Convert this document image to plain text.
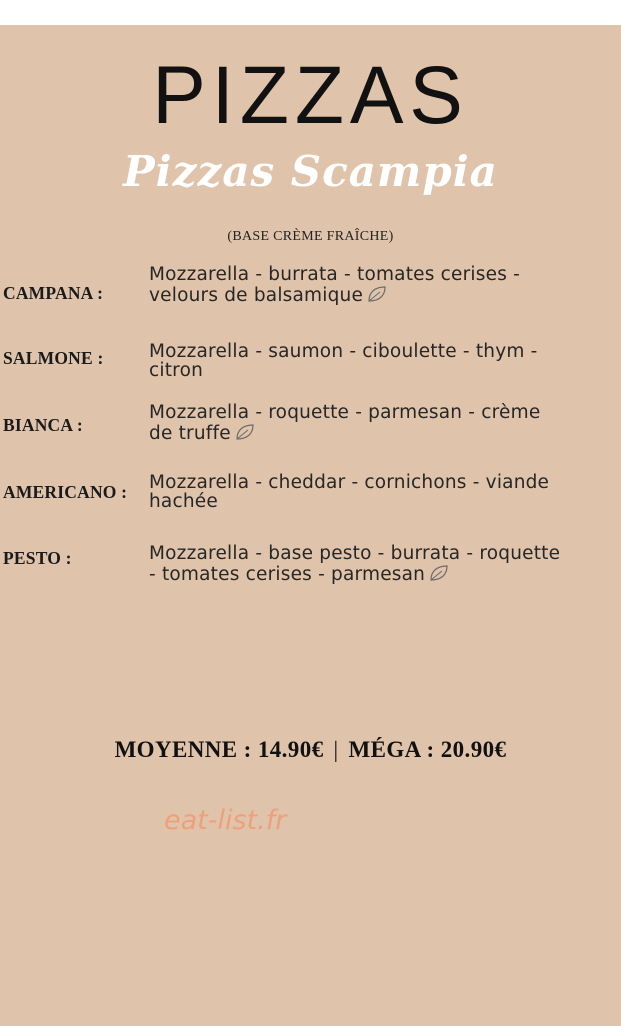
PIZZAS
Pizzas Scampia
(BASE CRÈME FRAÎCHE)
CAMPANA :
Mozzarella - burrata - tomates cerises -
velours de balsamique
SALMONE : Mozzarella - saumon - ciboulette - thym -
citron
BIANCA :
Mozzarella - roquette - parmesan - crème
de truffe
AMERICANO : Mozzarella - cheddar - cornichons - viande
hachée
PESTO :	Mozzarella - base pesto - burrata - roquette
- tomates cerises - parmesan
MOYENNE : 14.90€ | MÉGA : 20.90€
eat-list.fr
